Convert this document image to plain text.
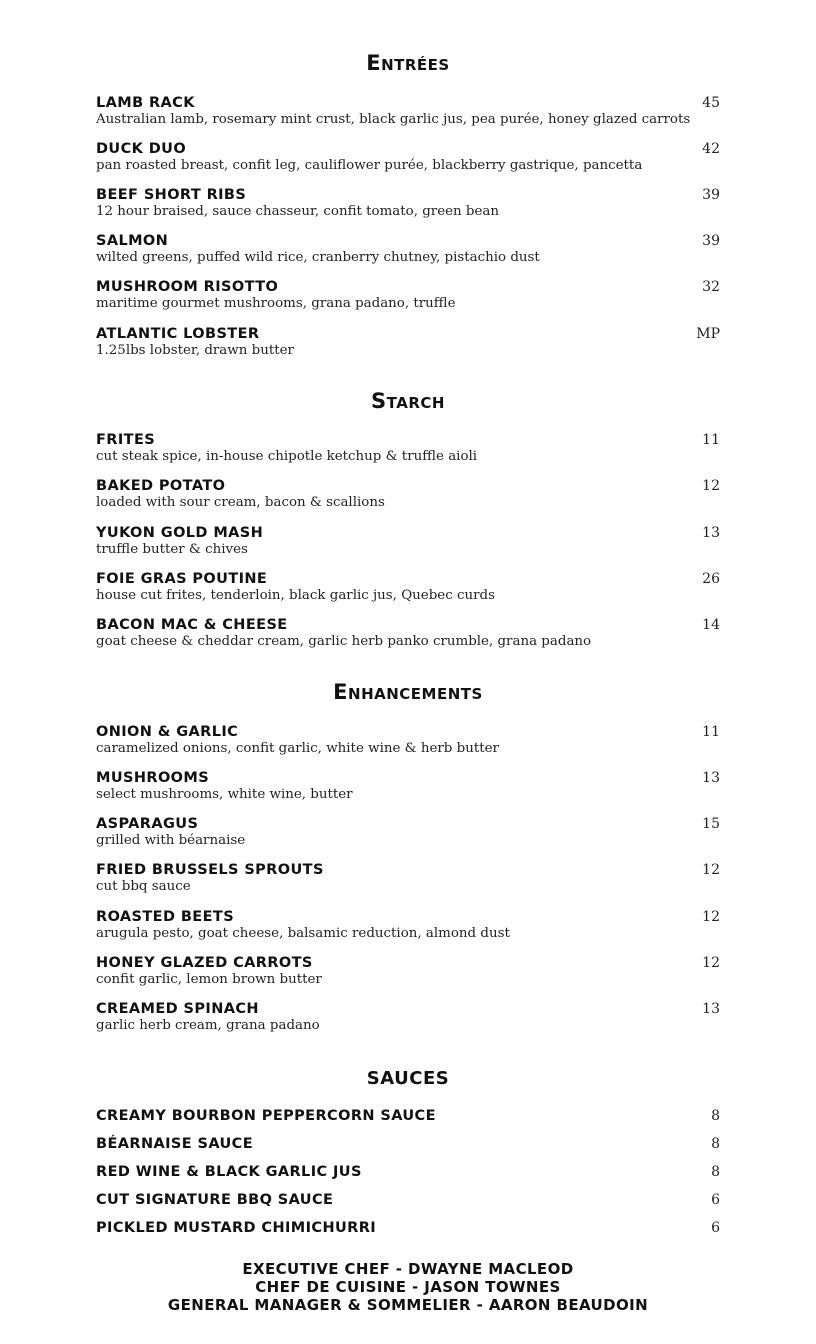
Entrées
LAMB RACK
Australian lamb, rosemary mint crust, black garlic jus, pea purée, honey glazed carrots
45
DUCK DUO
pan roasted breast, confit leg, cauliflower purée, blackberry gastrique, pancetta
42
BEEF SHORT RIBS
12 hour braised, sauce chasseur, confit tomato, green bean
39
SALMON
wilted greens, puffed wild rice, cranberry chutney, pistachio dust
39
MUSHROOM RISOTTO
maritime gourmet mushrooms, grana padano, truffle
32
ATLANTIC LOBSTER
1.25lbs lobster, drawn butter
MP
Starch
FRITES
cut steak spice, in-house chipotle ketchup & truffle aioli
11
BAKED POTATO
loaded with sour cream, bacon & scallions
12
YUKON GOLD MASH
truffle butter & chives
13
FOIE GRAS POUTINE
house cut frites, tenderloin, black garlic jus, Quebec curds
26
BACON MAC & CHEESE
goat cheese & cheddar cream, garlic herb panko crumble, grana padano
14
Enhancements
ONION & GARLIC
caramelized onions, confit garlic, white wine & herb butter
11
MUSHROOMS
select mushrooms, white wine, butter
13
ASPARAGUS
grilled with béarnaise
15
FRIED BRUSSELS SPROUTS
cut bbq sauce
12
ROASTED BEETS
arugula pesto, goat cheese, balsamic reduction, almond dust
12
HONEY GLAZED CARROTS
confit garlic, lemon brown butter
12
CREAMED SPINACH
garlic herb cream, grana padano
13
SAUCES
CREAMY BOURBON PEPPERCORN SAUCE	8
BÉARNAISE SAUCE	8
RED WINE & BLACK GARLIC JUS	8
CUT SIGNATURE BBQ SAUCE	6
PICKLED MUSTARD CHIMICHURRI	6
EXECUTIVE CHEF - DWAYNE MACLEOD
CHEF DE CUISINE - JASON TOWNES
GENERAL MANAGER & SOMMELIER - AARON BEAUDOIN
